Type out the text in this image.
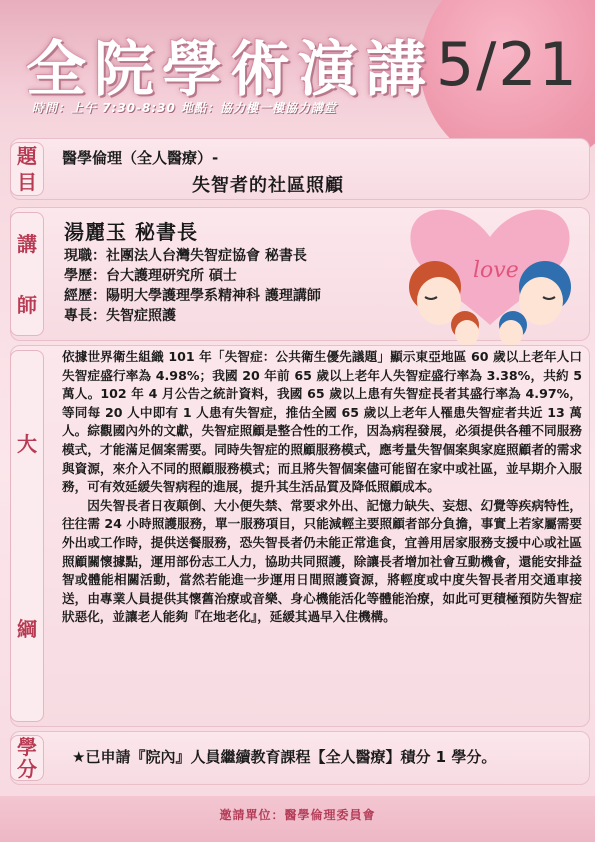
全院學術演講 5/21
時間：上午 7:30-8:30 地點：協力樓一樓協力講堂
題
目
醫學倫理（全人醫療）-
失智者的社區照顧
講
師
湯麗玉 秘書長
現職：社團法人台灣失智症協會 秘書長
學歷：台大護理研究所 碩士
經歷：陽明大學護理學系精神科 護理講師
專長：失智症照護
love
大
綱

依據世界衛生組織 101 年「失智症：公共衛生優先議題」顯示東亞地區 60 歲以上老年人口失智症盛行率為 4.98%；我國 20 年前 65 歲以上老年人失智症盛行率為 3.38%，共約 5 萬人。102 年 4 月公告之統計資料，我國 65 歲以上患有失智症長者其盛行率為 4.97%，等同每 20 人中即有 1 人患有失智症，推估全國 65 歲以上老年人罹患失智症者共近 13 萬人。綜觀國內外的文獻，失智症照顧是整合性的工作，因為病程發展，必須提供各種不同服務模式，才能滿足個案需要。同時失智症的照顧服務模式，應考量失智個案與家庭照顧者的需求與資源，來介入不同的照顧服務模式；而且將失智個案儘可能留在家中或社區，並早期介入服務，可有效延緩失智病程的進展，提升其生活品質及降低照顧成本。

因失智長者日夜顛倒、大小便失禁、常要求外出、記憶力缺失、妄想、幻覺等疾病特性，往往需 24 小時照護服務，單一服務項目，只能減輕主要照顧者部分負擔，事實上若家屬需要外出或工作時，提供送餐服務，恐失智長者仍未能正常進食，宜善用居家服務支援中心或社區照顧關懷據點，運用部份志工人力，協助共同照護，除讓長者增加社會互動機會，還能安排益智或體能相關活動，當然若能進一步運用日間照護資源，將輕度或中度失智長者用交通車接送，由專業人員提供其懷舊治療或音樂、身心機能活化等體能治療，如此可更積極預防失智症狀惡化，並讓老人能夠『在地老化』，延緩其過早入住機構。

學
分 ★已申請『院內』人員繼續教育課程【全人醫療】積分 1 學分。
邀請單位：醫學倫理委員會
